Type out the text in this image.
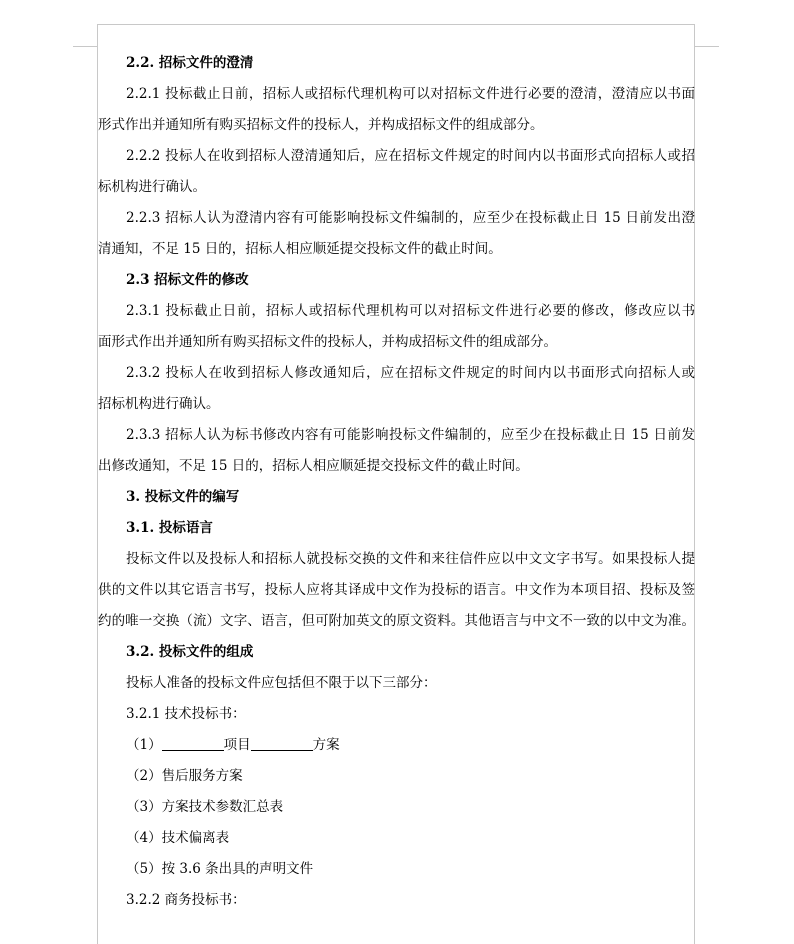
2.2. 招标文件的澄清
2.2.1 投标截止日前，招标人或招标代理机构可以对招标文件进行必要的澄清，澄清应以书面
形式作出并通知所有购买招标文件的投标人，并构成招标文件的组成部分。
2.2.2 投标人在收到招标人澄清通知后，应在招标文件规定的时间内以书面形式向招标人或招
标机构进行确认。
2.2.3 招标人认为澄清内容有可能影响投标文件编制的，应至少在投标截止日 15 日前发出澄
清通知，不足 15 日的，招标人相应顺延提交投标文件的截止时间。
2.3 招标文件的修改
2.3.1 投标截止日前，招标人或招标代理机构可以对招标文件进行必要的修改，修改应以书
面形式作出并通知所有购买招标文件的投标人，并构成招标文件的组成部分。
2.3.2 投标人在收到招标人修改通知后，应在招标文件规定的时间内以书面形式向招标人或
招标机构进行确认。
2.3.3 招标人认为标书修改内容有可能影响投标文件编制的，应至少在投标截止日 15 日前发
出修改通知，不足 15 日的，招标人相应顺延提交投标文件的截止时间。
3. 投标文件的编写
3.1. 投标语言
投标文件以及投标人和招标人就投标交换的文件和来往信件应以中文文字书写。如果投标人提
供的文件以其它语言书写，投标人应将其译成中文作为投标的语言。中文作为本项目招、投标及签
约的唯一交换（流）文字、语言，但可附加英文的原文资料。其他语言与中文不一致的以中文为准。
3.2. 投标文件的组成
投标人准备的投标文件应包括但不限于以下三部分：
3.2.1 技术投标书：
（1）	项目	方案
（2）售后服务方案
（3）方案技术参数汇总表
（4）技术偏离表
（5）按 3.6 条出具的声明文件
3.2.2 商务投标书：
